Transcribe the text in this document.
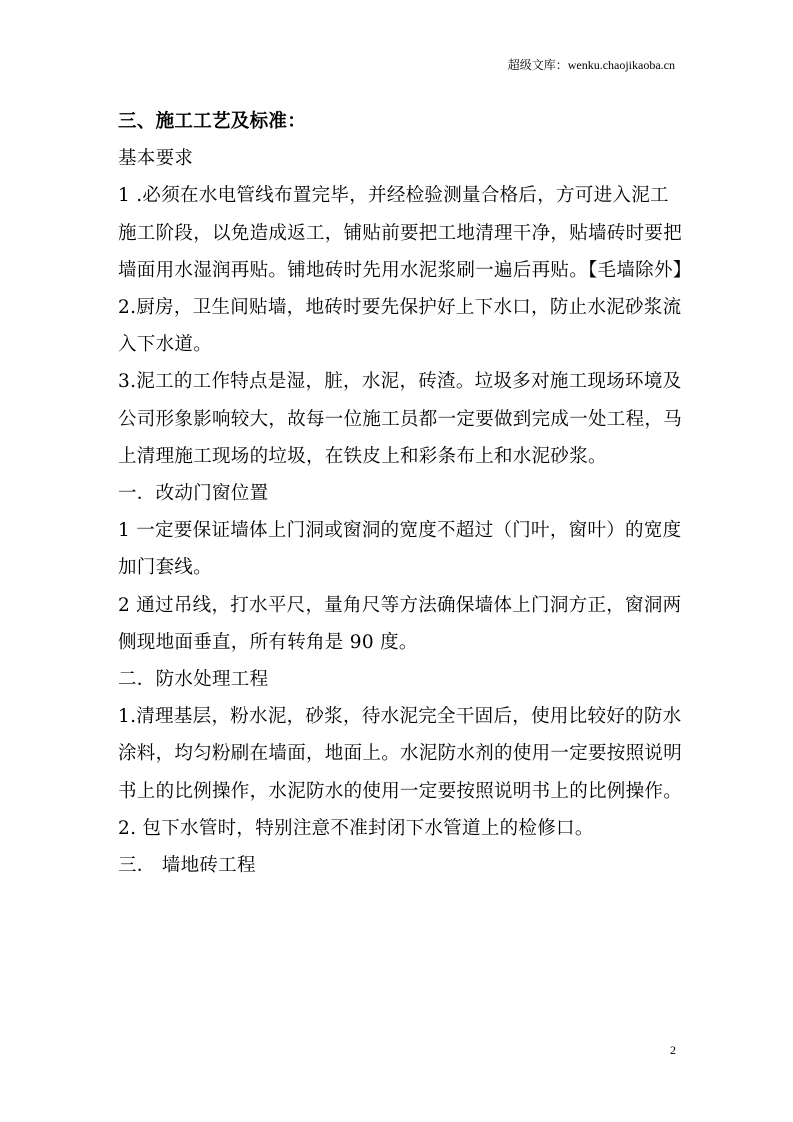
超级文库：wenku.chaojikaoba.cn
三、施工工艺及标准：
基本要求
1 .必须在水电管线布置完毕，并经检验测量合格后，方可进入泥工
施工阶段，以免造成返工，铺贴前要把工地清理干净，贴墙砖时要把
墙面用水湿润再贴。铺地砖时先用水泥浆刷一遍后再贴。【毛墙除外】
2.厨房，卫生间贴墙，地砖时要先保护好上下水口，防止水泥砂浆流
入下水道。
3.泥工的工作特点是湿，脏，水泥，砖渣。垃圾多对施工现场环境及
公司形象影响较大，故每一位施工员都一定要做到完成一处工程，马
上清理施工现场的垃圾，在铁皮上和彩条布上和水泥砂浆。
一．改动门窗位置
1 一定要保证墙体上门洞或窗洞的宽度不超过（门叶，窗叶）的宽度
加门套线。
2 通过吊线，打水平尺，量角尺等方法确保墙体上门洞方正，窗洞两
侧现地面垂直，所有转角是 90 度。
二．防水处理工程
1.清理基层，粉水泥，砂浆，待水泥完全干固后，使用比较好的防水
涂料，均匀粉刷在墙面，地面上。水泥防水剂的使用一定要按照说明
书上的比例操作，水泥防水的使用一定要按照说明书上的比例操作。
2. 包下水管时，特别注意不准封闭下水管道上的检修口。
三． 墙地砖工程
2
